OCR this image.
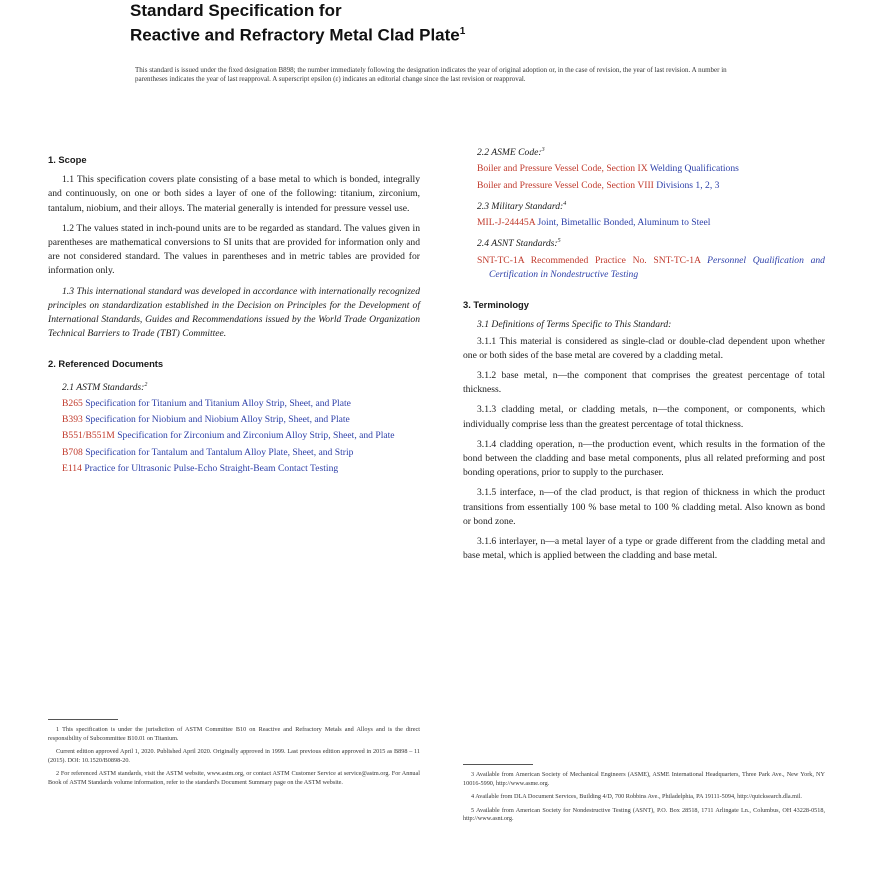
Standard Specification for
Reactive and Refractory Metal Clad Plate$^1$
This standard is issued under the fixed designation B898; the number immediately following the designation indicates the year of original adoption or, in the case of revision, the year of last revision. A number in parentheses indicates the year of last reapproval. A superscript epsilon (ε) indicates an editorial change since the last revision or reapproval.
1. Scope

1.1 This specification covers plate consisting of a base metal to which is bonded, integrally and continuously, on one or both sides a layer of one of the following: titanium, zirconium, tantalum, niobium, and their alloys. The material generally is intended for pressure vessel use.

1.2 The values stated in inch-pound units are to be regarded as standard. The values given in parentheses are mathematical conversions to SI units that are provided for information only and are not considered standard. The values in parentheses and in metric tables are provided for information only.

1.3 This international standard was developed in accordance with internationally recognized principles on standardization established in the Decision on Principles for the Development of International Standards, Guides and Recommendations issued by the World Trade Organization Technical Barriers to Trade (TBT) Committee.

2. Referenced Documents
2.1 ASTM Standards:$^2$
B265 Specification for Titanium and Titanium Alloy Strip, Sheet, and Plate
B393 Specification for Niobium and Niobium Alloy Strip, Sheet, and Plate
B551/B551M Specification for Zirconium and Zirconium Alloy Strip, Sheet, and Plate
B708 Specification for Tantalum and Tantalum Alloy Plate, Sheet, and Strip
E114 Practice for Ultrasonic Pulse-Echo Straight-Beam Contact Testing

1 This specification is under the jurisdiction of ASTM Committee B10 on Reactive and Refractory Metals and Alloys and is the direct responsibility of Subcommittee B10.01 on Titanium.

Current edition approved April 1, 2020. Published April 2020. Originally approved in 1999. Last previous edition approved in 2015 as B898 – 11 (2015). DOI: 10.1520/B0898-20.

2 For referenced ASTM standards, visit the ASTM website, www.astm.org, or contact ASTM Customer Service at service@astm.org. For Annual Book of ASTM Standards volume information, refer to the standard's Document Summary page on the ASTM website.

2.2 ASME Code:$^3$
Boiler and Pressure Vessel Code, Section IX Welding Qualifications
Boiler and Pressure Vessel Code, Section VIII Divisions 1, 2, 3
2.3 Military Standard:$^4$
MIL-J-24445A Joint, Bimetallic Bonded, Aluminum to Steel
2.4 ASNT Standards:$^5$
SNT-TC-1A Recommended Practice No. SNT-TC-1A Personnel Qualification and Certification in Nondestructive Testing
3. Terminology

3.1 Definitions of Terms Specific to This Standard:

3.1.1 This material is considered as single-clad or double-clad dependent upon whether one or both sides of the base metal are covered by a cladding metal.

3.1.2 base metal, n—the component that comprises the greatest percentage of total thickness.

3.1.3 cladding metal, or cladding metals, n—the component, or components, which individually comprise less than the greatest percentage of total thickness.

3.1.4 cladding operation, n—the production event, which results in the formation of the bond between the cladding and base metal components, plus all related preforming and post bonding operations, prior to supply to the purchaser.

3.1.5 interface, n—of the clad product, is that region of thickness in which the product transitions from essentially 100 % base metal to 100 % cladding metal. Also known as bond or bond zone.

3.1.6 interlayer, n—a metal layer of a type or grade different from the cladding metal and base metal, which is applied between the cladding and base metal.

3 Available from American Society of Mechanical Engineers (ASME), ASME International Headquarters, Three Park Ave., New York, NY 10016-5990, http://www.asme.org.

4 Available from DLA Document Services, Building 4/D, 700 Robbins Ave., Philadelphia, PA 19111-5094, http://quicksearch.dla.mil.

5 Available from American Society for Nondestructive Testing (ASNT), P.O. Box 28518, 1711 Arlingate Ln., Columbus, OH 43228-0518, http://www.asnt.org.
